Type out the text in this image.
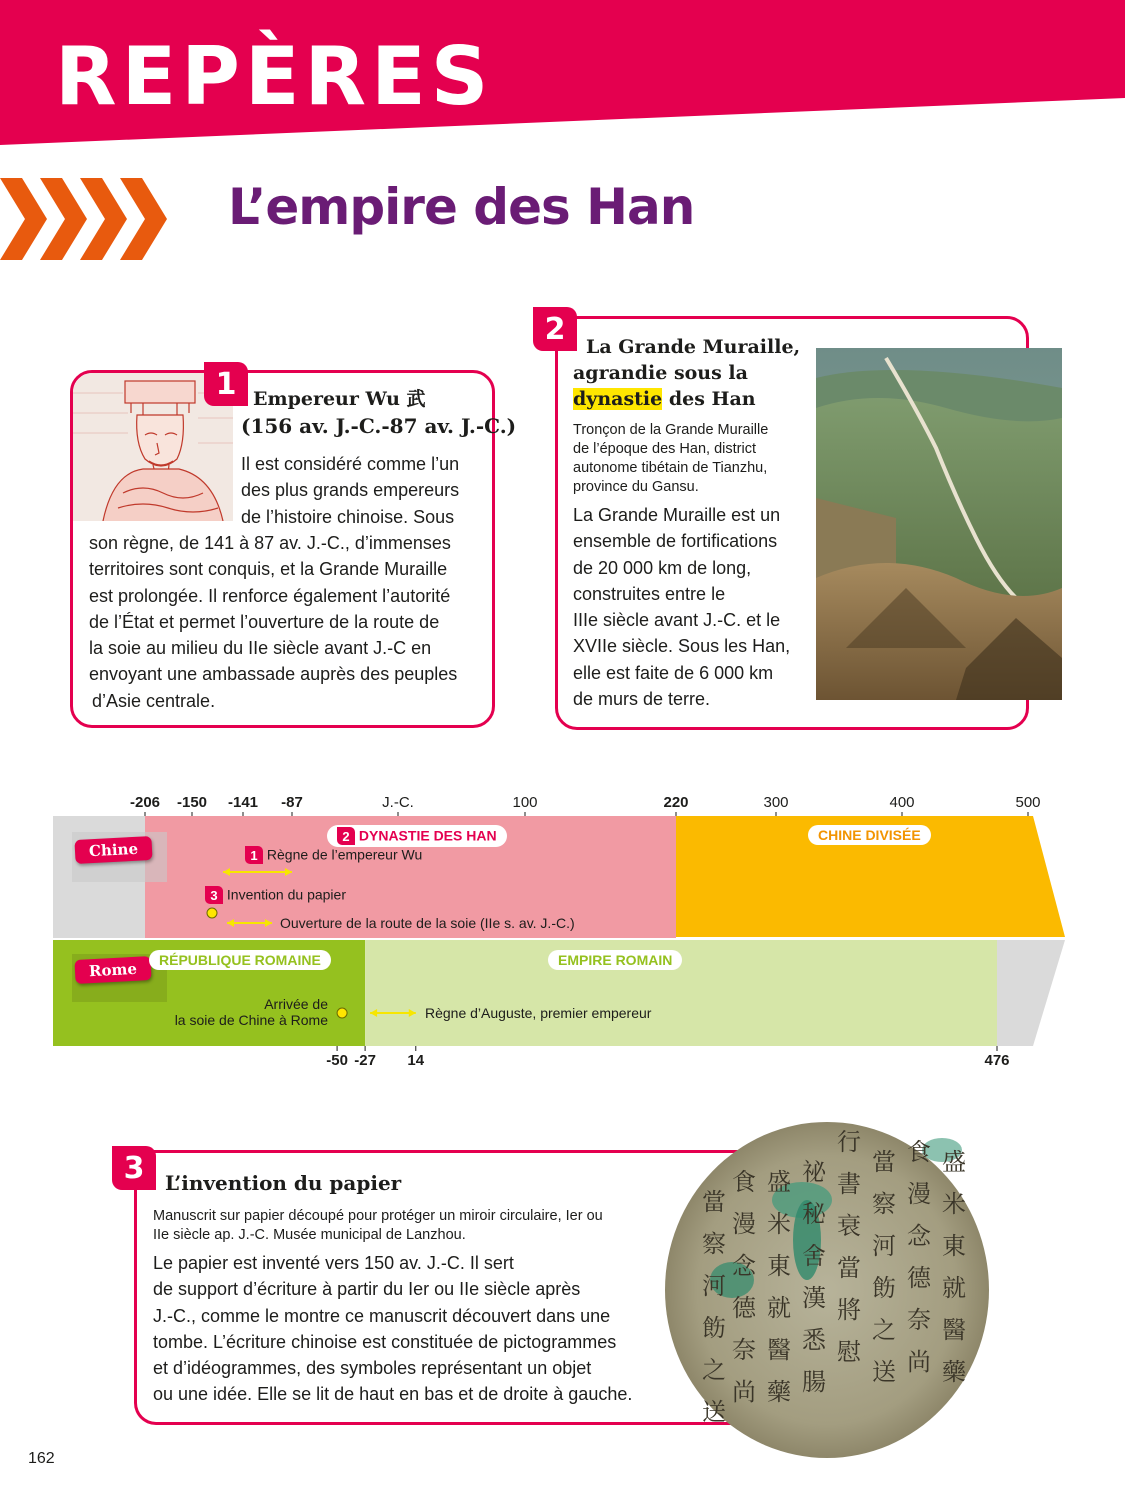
REPÈRES
L’empire des Han
1 Empereur Wu 武
(156 av. J.-C.-87 av. J.-C.)
Il est considéré comme l’un
des plus grands empereurs
de l’histoire chinoise. Sous
son règne, de 141 à 87 av. J.-C., d’immenses
territoires sont conquis, et la Grande Muraille
est prolongée. Il renforce également l’autorité
de l’État et permet l’ouverture de la route de
la soie au milieu du IIe siècle avant J.-C en
envoyant une ambassade auprès des peuples
d’Asie centrale.
2
La Grande Muraille,
agrandie sous la
dynastie des Han
Tronçon de la Grande Muraille
de l’époque des Han, district
autonome tibétain de Tianzhu,
province du Gansu.
La Grande Muraille est un
ensemble de fortifications
de 20 000 km de long,
construites entre le
IIIe siècle avant J.-C. et le
XVIIe siècle. Sous les Han,
elle est faite de 6 000 km
de murs de terre.
-206 -150 -141 -87	J.-C.	100	220	300	400	500
-50 -27 14	476
Chine
Rome
2 DYNASTIE DES HAN	CHINE DIVISÉE
RÉPUBLIQUE ROMAINE	EMPIRE ROMAIN
1 Règne de l’empereur Wu
3 Invention du papier
Ouverture de la route de la soie (IIe s. av. J.-C.)
Arrivée de
la soie de Chine à Rome	Règne d’Auguste, premier empereur
3	L’invention du papier
Manuscrit sur papier découpé pour protéger un miroir circulaire, Ier ou
IIe siècle ap. J.-C. Musée municipal de Lanzhou.
Le papier est inventé vers 150 av. J.-C. Il sert
de support d’écriture à partir du Ier ou IIe siècle après
J.-C., comme le montre ce manuscrit découvert dans une
tombe. L’écriture chinoise est constituée de pictogrammes
et d’idéogrammes, des symboles représentant un objet
ou une idée. Elle se lit de haut en bas et de droite à gauche.
盛
米
東
就
醫
藥
食
漫
念
德
奈
尚
當
察
河
飭
之
送
行
書
衰
當
將
慰
祕
秘
舍
漢
悉
腸
盛
米
東
就
醫
藥
食
漫
念
德
奈
尚
當
察
河
飭
之
送
162
